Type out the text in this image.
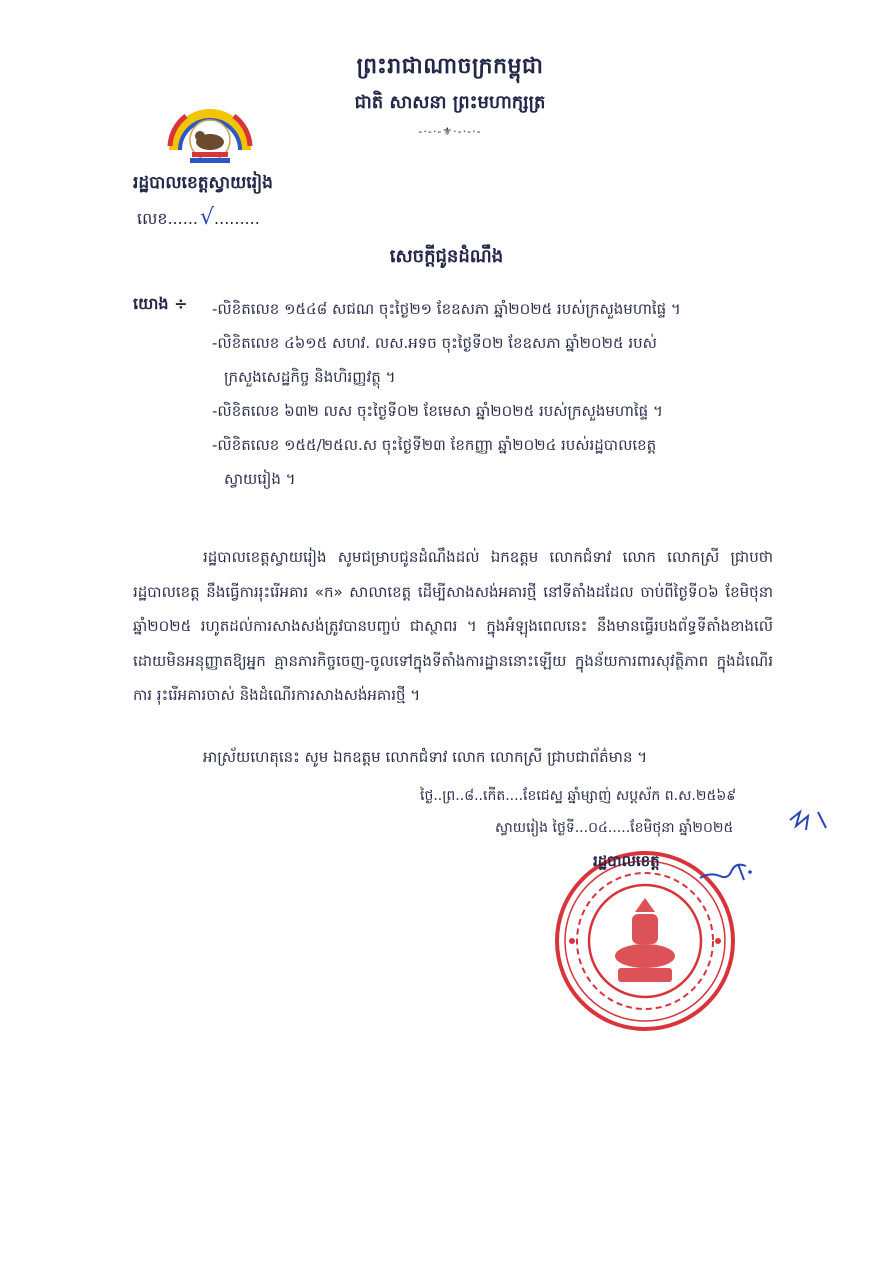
ព្រះរាជាណាចក្រកម្ពុជា
ជាតិ សាសនា ព្រះមហាក្សត្រ
-·-·-⚜·-·-·-
រដ្ឋបាលខេត្តស្វាយរៀង
លេខ......√.........
សេចក្តីជូនដំណឹង
យោង ÷ -លិខិតលេខ ១៥៤៨ សជណ ចុះថ្ងៃ២១ ខែឧសភា ឆ្នាំ២០២៥ របស់ក្រសួងមហាផ្ទៃ ។
-លិខិតលេខ ៤៦១៥ សហវ. លស.អទច ចុះថ្ងៃទី០២ ខែឧសភា ឆ្នាំ២០២៥ របស់
ក្រសួងសេដ្ឋកិច្ច និងហិរញ្ញវត្ថុ ។
-លិខិតលេខ ៦៣២ លស ចុះថ្ងៃទី០២ ខែមេសា ឆ្នាំ២០២៥ របស់ក្រសួងមហាផ្ទៃ ។
-លិខិតលេខ ១៥៥/២៥ល.ស ចុះថ្ងៃទី២៣ ខែកញ្ញា ឆ្នាំ២០២៤ របស់រដ្ឋបាលខេត្ត
ស្វាយរៀង ។
រដ្ឋបាលខេត្តស្វាយរៀង សូមជម្រាបជូនដំណឹងដល់ ឯកឧត្តម លោកជំទាវ លោក លោកស្រី ជ្រាបថា រដ្ឋបាលខេត្ត នឹងធ្វើការរុះរើអគារ «ក» សាលាខេត្ត ដើម្បីសាងសង់អគារថ្មី នៅទីតាំងដដែល ចាប់ពីថ្ងៃទី០៦ ខែមិថុនា ឆ្នាំ២០២៥ រហូតដល់ការសាងសង់ត្រូវបានបញ្ចប់ ជាស្ថាពរ ។ ក្នុងអំឡុងពេលនេះ នឹងមានធ្វើរបងព័ទ្ធទីតាំងខាងលើ ដោយមិនអនុញ្ញាតឱ្យអ្នក គ្មានភារកិច្ចចេញ-ចូលទៅក្នុងទីតាំងការដ្ឋាននោះឡើយ ក្នុងន័យការពារសុវត្ថិភាព ក្នុងដំណើរការ រុះរើអគារចាស់ និងដំណើរការសាងសង់អគារថ្មី ។
អាស្រ័យហេតុនេះ សូម ឯកឧត្តម លោកជំទាវ លោក លោកស្រី ជ្រាបជាព័ត៌មាន ។
ថ្ងៃ..ព្រ..៨..កើត....ខែជេស្ឋ ឆ្នាំម្សាញ់ សប្តស័ក ព.ស.២៥៦៩
ស្វាយរៀង ថ្ងៃទី...០៤.....ខែមិថុនា ឆ្នាំ២០២៥
រដ្ឋបាលខេត្ត
